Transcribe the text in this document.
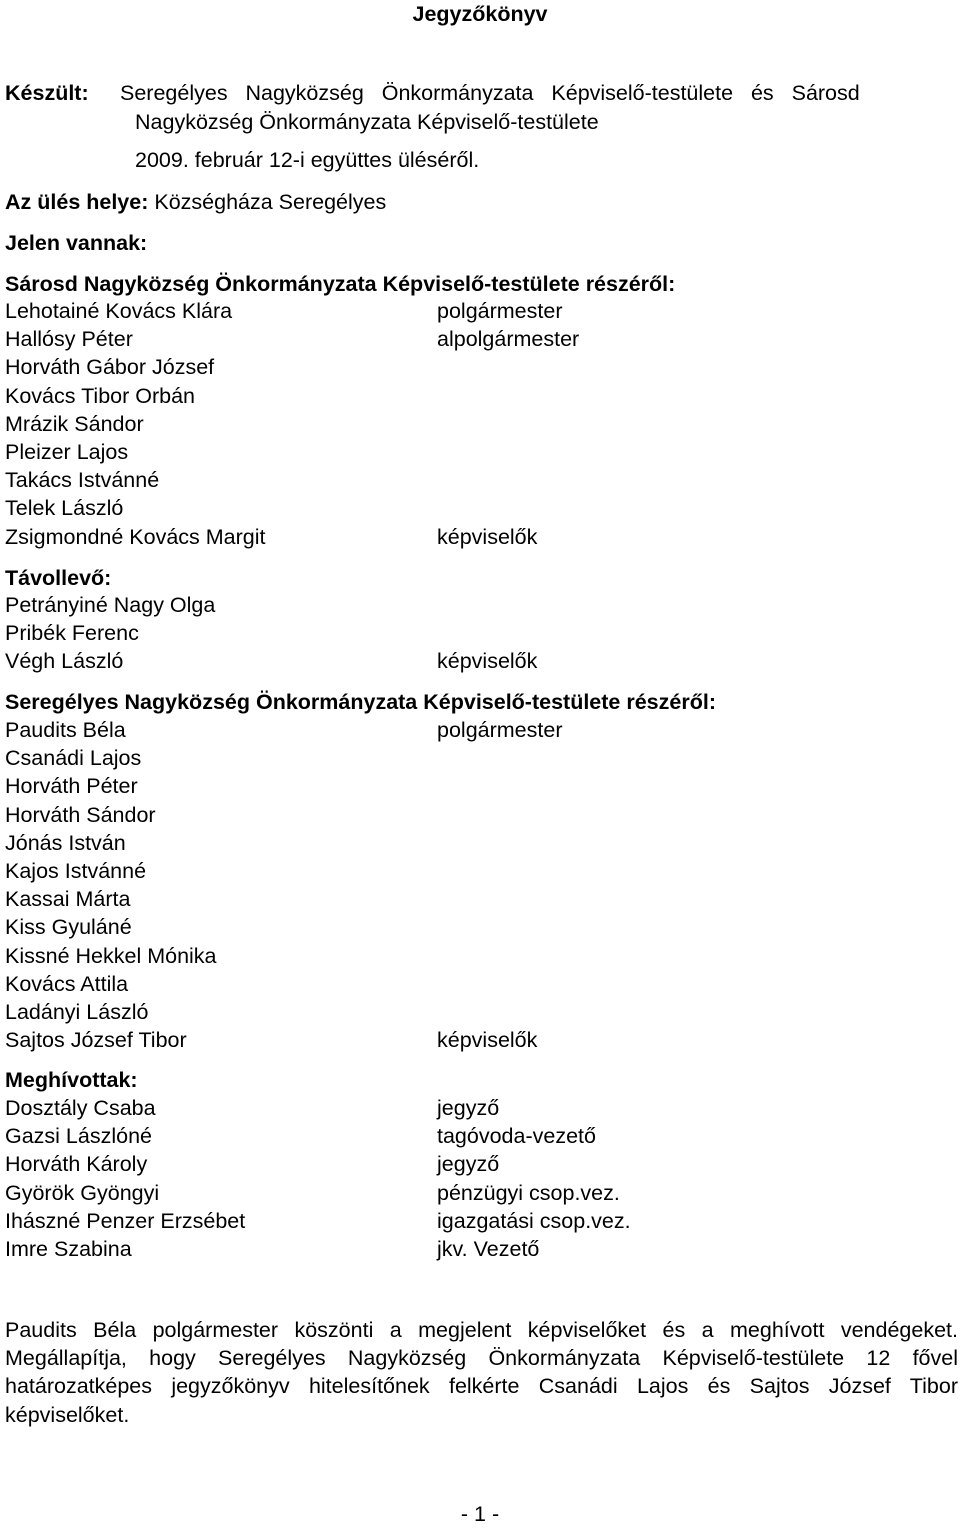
Jegyzőkönyv
Készült: Seregélyes   Nagyközség   Önkormányzata   Képviselő-testülete   és   Sárosd
Nagyközség Önkormányzata Képviselő-testülete
2009. február 12-i együttes üléséről.
Az ülés helye: Községháza Seregélyes
Jelen vannak:
Sárosd Nagyközség Önkormányzata Képviselő-testülete részéről:
Lehotainé Kovács Klára	polgármester
Hallósy Péter	alpolgármester
Horváth Gábor József
Kovács Tibor Orbán
Mrázik Sándor
Pleizer Lajos
Takács Istvánné
Telek László
Zsigmondné Kovács Margit	képviselők
Távollevő:
Petrányiné Nagy Olga
Pribék Ferenc
Végh László	képviselők
Seregélyes Nagyközség Önkormányzata Képviselő-testülete részéről:
Paudits Béla	polgármester
Csanádi Lajos
Horváth Péter
Horváth Sándor
Jónás István
Kajos Istvánné
Kassai Márta
Kiss Gyuláné
Kissné Hekkel Mónika
Kovács Attila
Ladányi László
Sajtos József Tibor	képviselők
Meghívottak:
Dosztály Csaba	jegyző
Gazsi Lászlóné	tagóvoda-vezető
Horváth Károly	jegyző
Györök Gyöngyi	pénzügyi csop.vez.
Ihászné Penzer Erzsébet	igazgatási csop.vez.
Imre Szabina	jkv. Vezető
Paudits Béla polgármester köszönti a megjelent képviselőket és a meghívott vendégeket. Megállapítja, hogy Seregélyes Nagyközség Önkormányzata Képviselő-testülete 12 fővel határozatképes jegyzőkönyv hitelesítőnek felkérte Csanádi Lajos és Sajtos József Tibor képviselőket.
- 1 -
